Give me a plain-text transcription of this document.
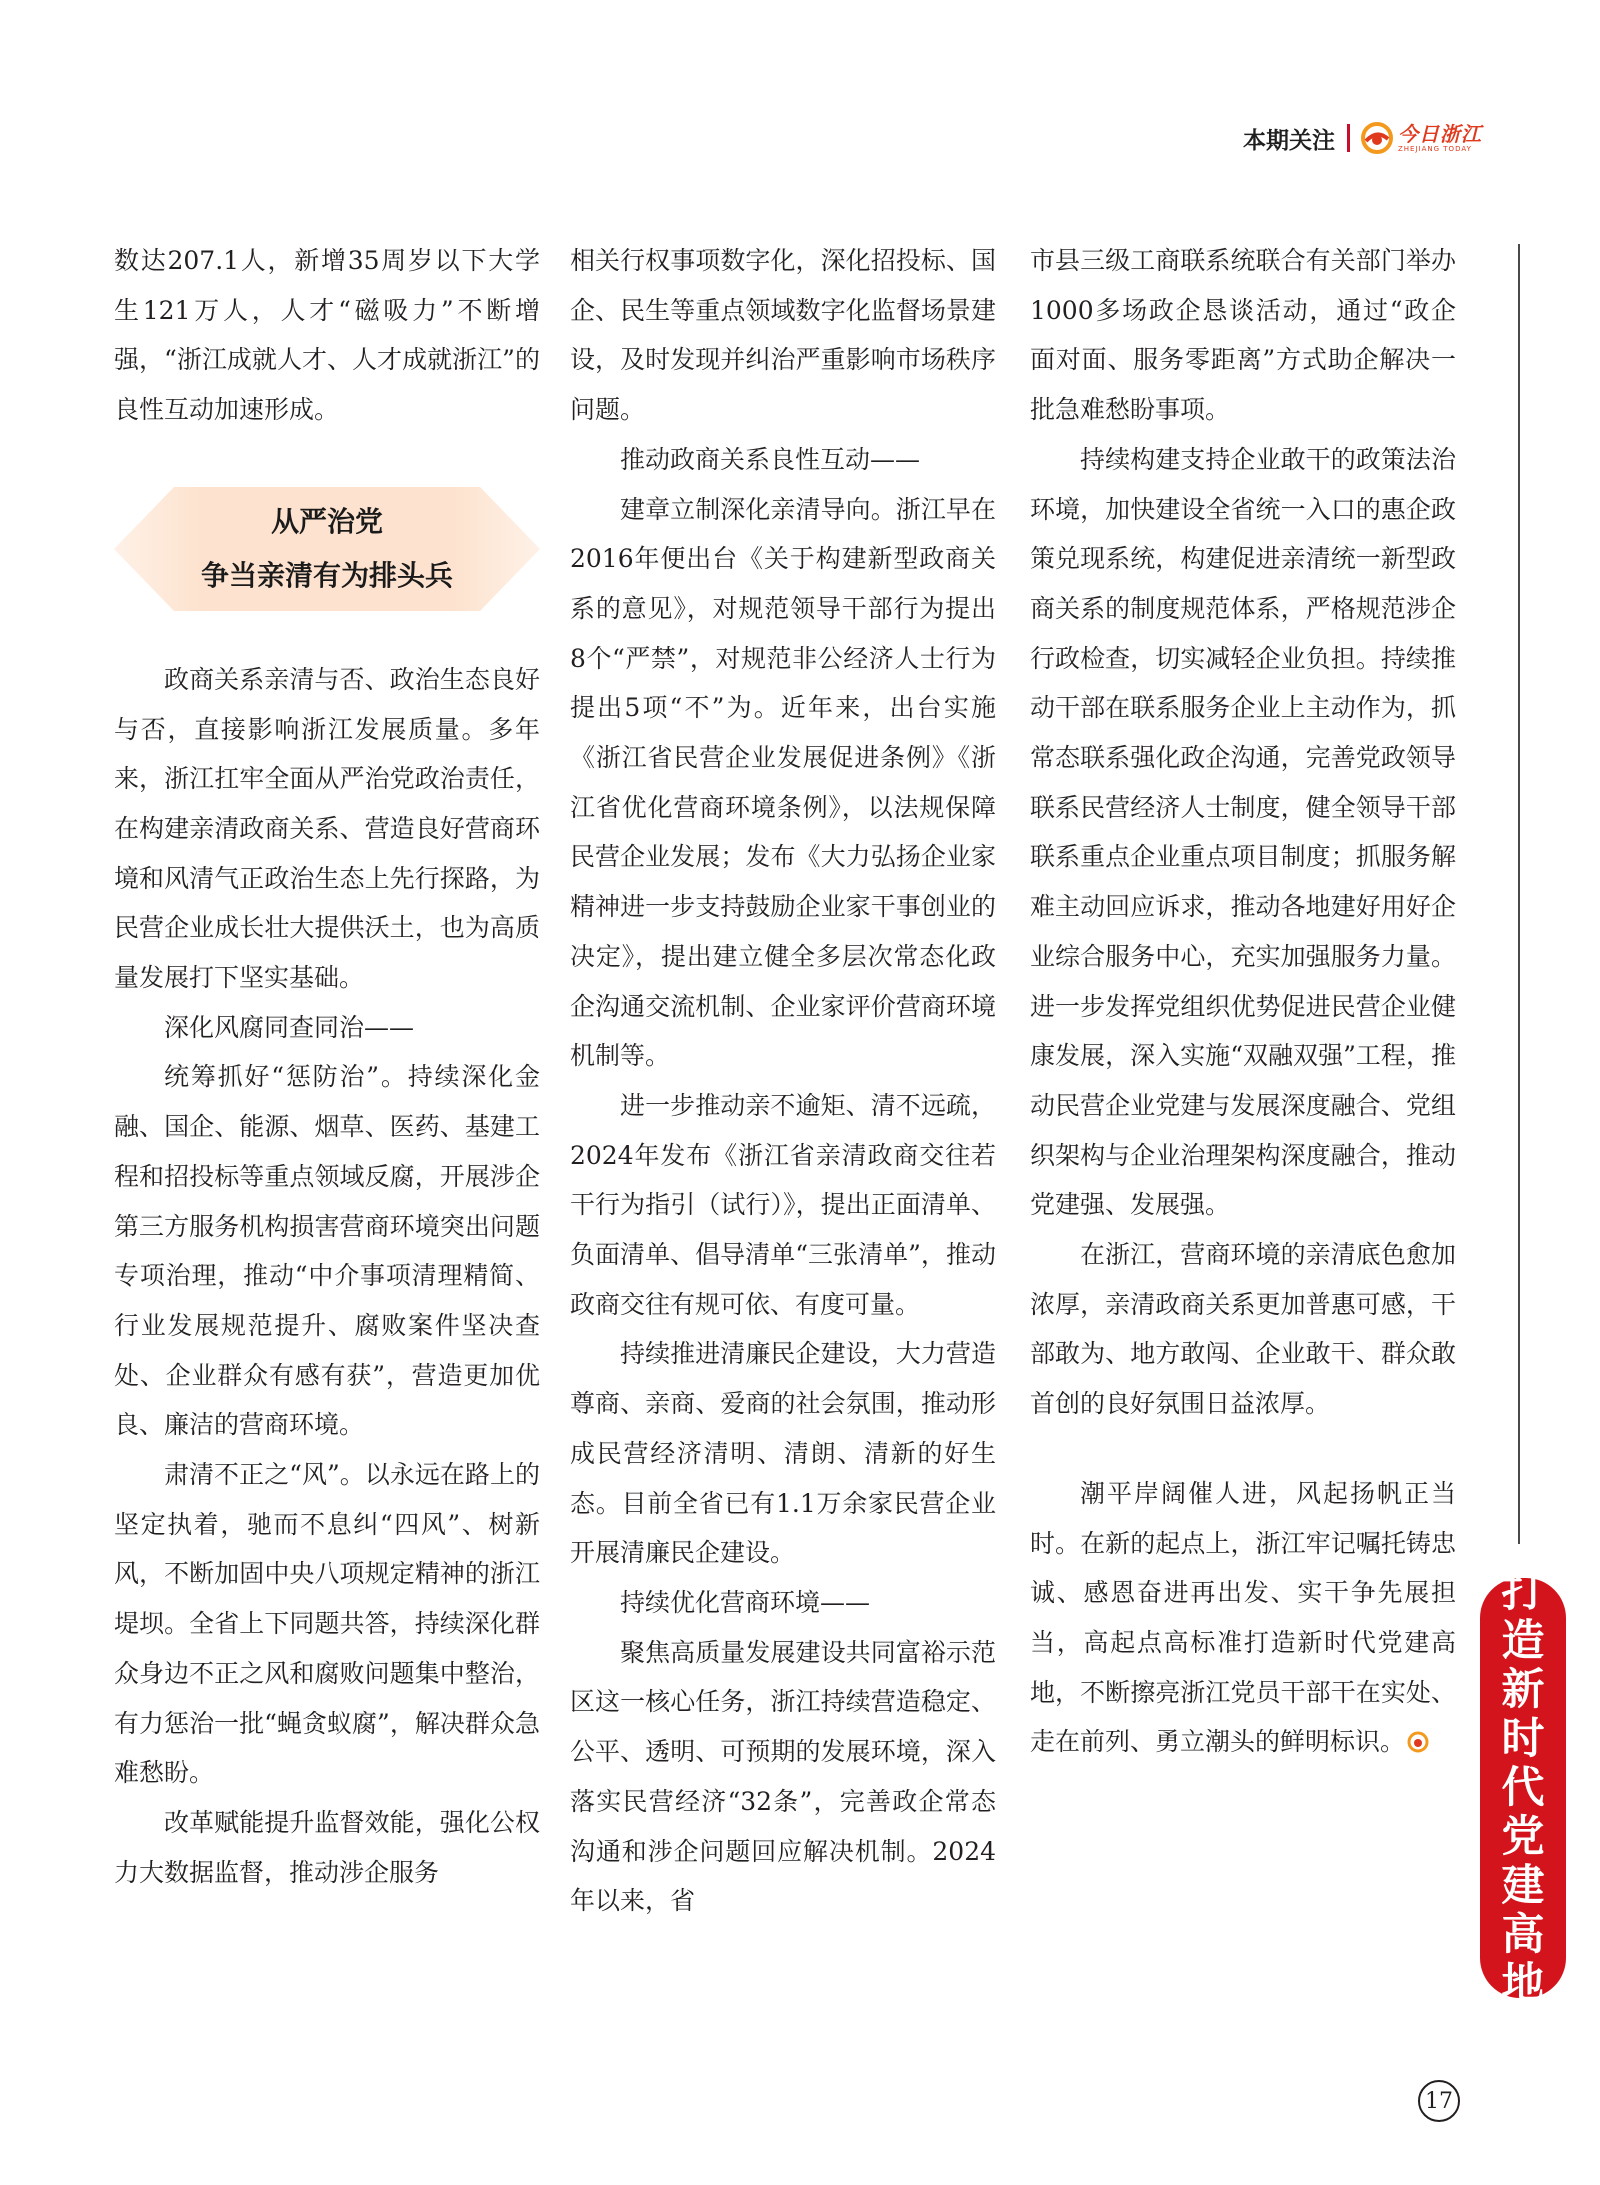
本期关注	今日浙江
ZHEJIANG TODAY

数达207.1人，新增35周岁以下大学生121万人，人才“磁吸力”不断增强，“浙江成就人才、人才成就浙江”的良性互动加速形成。

从严治党
争当亲清有为排头兵

政商关系亲清与否、政治生态良好与否，直接影响浙江发展质量。多年来，浙江扛牢全面从严治党政治责任，在构建亲清政商关系、营造良好营商环境和风清气正政治生态上先行探路，为民营企业成长壮大提供沃土，也为高质量发展打下坚实基础。

深化风腐同查同治——

统筹抓好“惩防治”。持续深化金融、国企、能源、烟草、医药、基建工程和招投标等重点领域反腐，开展涉企第三方服务机构损害营商环境突出问题专项治理，推动“中介事项清理精简、行业发展规范提升、腐败案件坚决查处、企业群众有感有获”，营造更加优良、廉洁的营商环境。

肃清不正之“风”。以永远在路上的坚定执着，驰而不息纠“四风”、树新风，不断加固中央八项规定精神的浙江堤坝。全省上下同题共答，持续深化群众身边不正之风和腐败问题集中整治，有力惩治一批“蝇贪蚁腐”，解决群众急难愁盼。

改革赋能提升监督效能，强化公权力大数据监督，推动涉企服务

相关行权事项数字化，深化招投标、国企、民生等重点领域数字化监督场景建设，及时发现并纠治严重影响市场秩序问题。

推动政商关系良性互动——

建章立制深化亲清导向。浙江早在2016年便出台《关于构建新型政商关系的意见》，对规范领导干部行为提出8个“严禁”，对规范非公经济人士行为提出5项“不”为。近年来，出台实施《浙江省民营企业发展促进条例》《浙江省优化营商环境条例》，以法规保障民营企业发展；发布《大力弘扬企业家精神进一步支持鼓励企业家干事创业的决定》，提出建立健全多层次常态化政企沟通交流机制、企业家评价营商环境机制等。

进一步推动亲不逾矩、清不远疏，2024年发布《浙江省亲清政商交往若干行为指引（试行）》，提出正面清单、负面清单、倡导清单“三张清单”，推动政商交往有规可依、有度可量。

持续推进清廉民企建设，大力营造尊商、亲商、爱商的社会氛围，推动形成民营经济清明、清朗、清新的好生态。目前全省已有1.1万余家民营企业开展清廉民企建设。

持续优化营商环境——

聚焦高质量发展建设共同富裕示范区这一核心任务，浙江持续营造稳定、公平、透明、可预期的发展环境，深入落实民营经济“32条”，完善政企常态沟通和涉企问题回应解决机制。2024年以来，省

市县三级工商联系统联合有关部门举办1000多场政企恳谈活动，通过“政企面对面、服务零距离”方式助企解决一批急难愁盼事项。

持续构建支持企业敢干的政策法治环境，加快建设全省统一入口的惠企政策兑现系统，构建促进亲清统一新型政商关系的制度规范体系，严格规范涉企行政检查，切实减轻企业负担。持续推动干部在联系服务企业上主动作为，抓常态联系强化政企沟通，完善党政领导联系民营经济人士制度，健全领导干部联系重点企业重点项目制度；抓服务解难主动回应诉求，推动各地建好用好企业综合服务中心，充实加强服务力量。进一步发挥党组织优势促进民营企业健康发展，深入实施“双融双强”工程，推动民营企业党建与发展深度融合、党组织架构与企业治理架构深度融合，推动党建强、发展强。

在浙江，营商环境的亲清底色愈加浓厚，亲清政商关系更加普惠可感，干部敢为、地方敢闯、企业敢干、群众敢首创的良好氛围日益浓厚。

潮平岸阔催人进，风起扬帆正当时。在新的起点上，浙江牢记嘱托铸忠诚、感恩奋进再出发、实干争先展担当，高起点高标准打造新时代党建高地，不断擦亮浙江党员干部干在实处、走在前列、勇立潮头的鲜明标识。

打
造
新
时
代
党
建
高
地
17
